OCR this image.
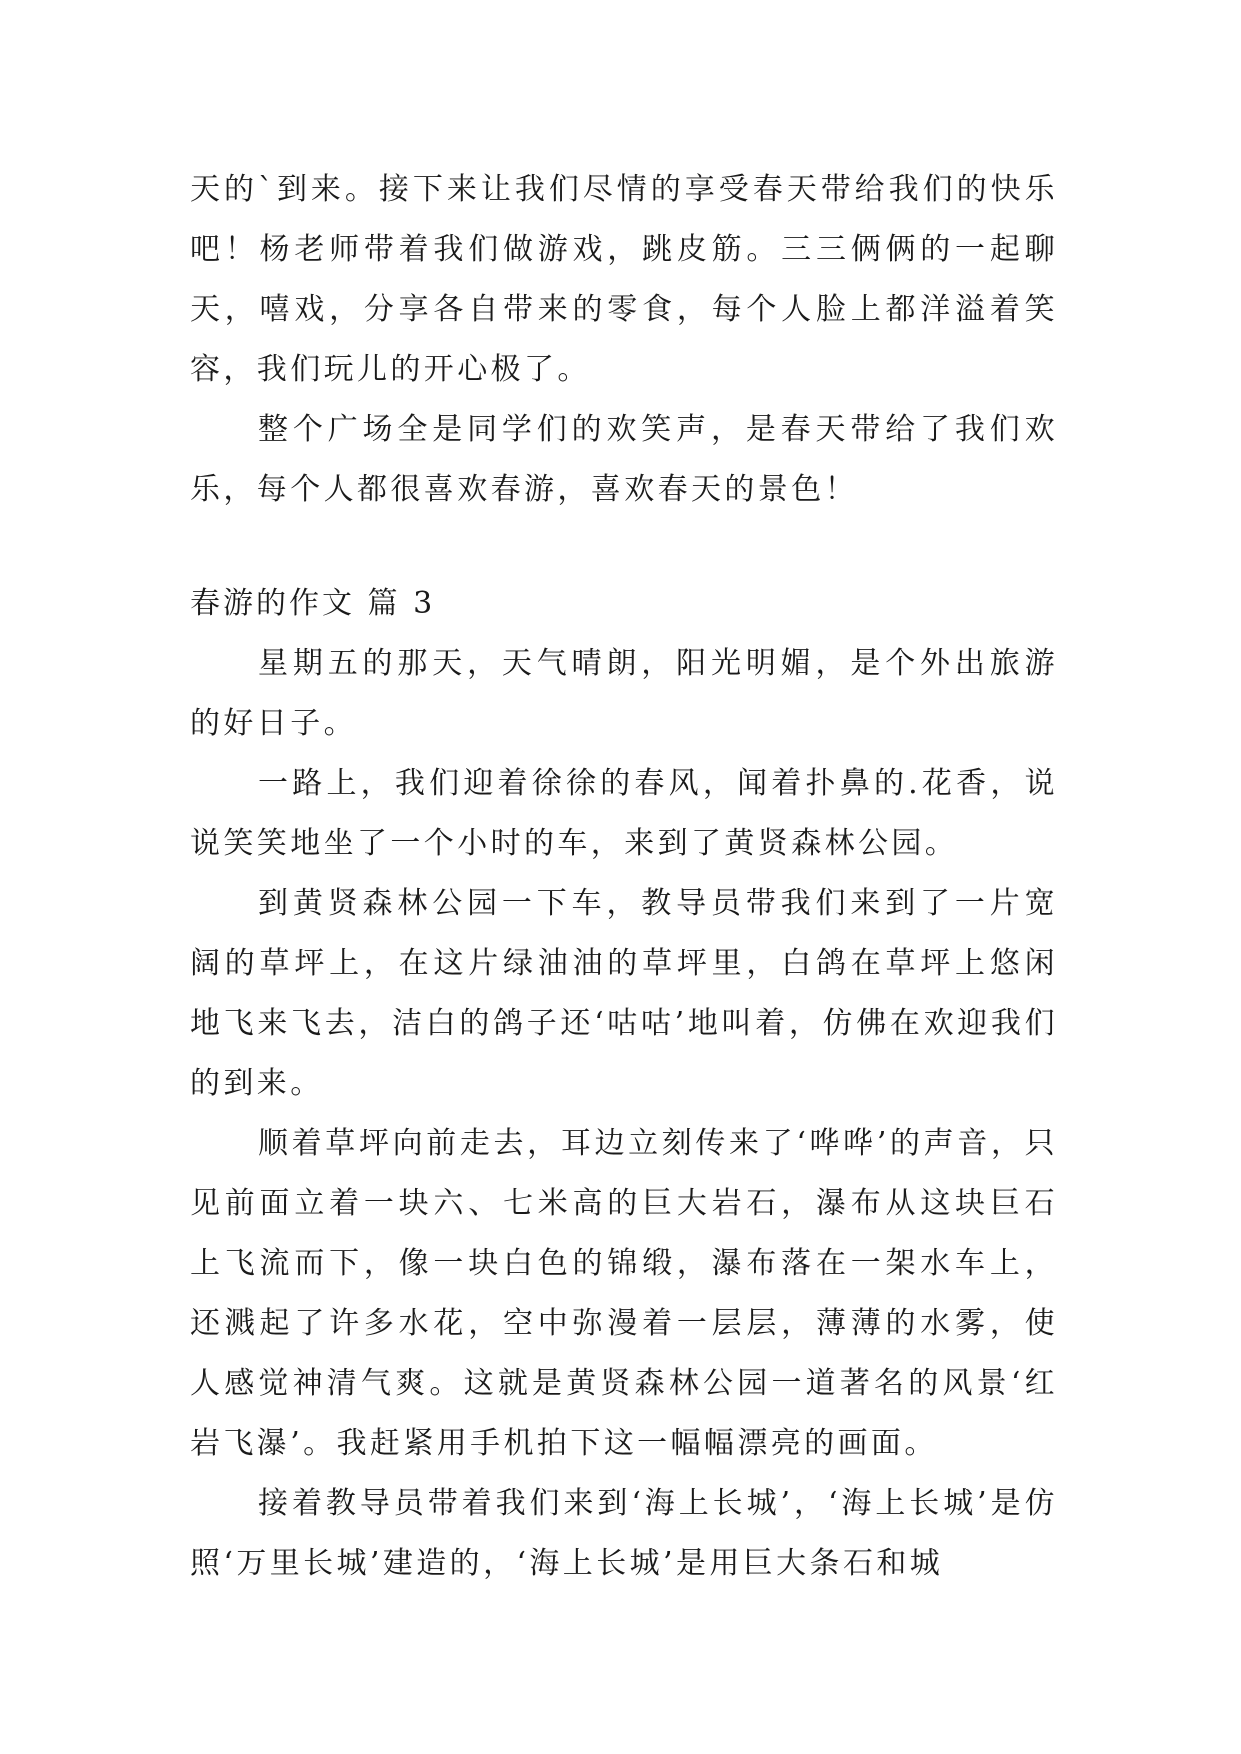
天的`到来。接下来让我们尽情的享受春天带给我们的快乐吧！杨老师带着我们做游戏，跳皮筋。三三俩俩的一起聊天，嘻戏，分享各自带来的零食，每个人脸上都洋溢着笑容，我们玩儿的开心极了。

整个广场全是同学们的欢笑声，是春天带给了我们欢乐，每个人都很喜欢春游，喜欢春天的景色！

春游的作文 篇 3

星期五的那天，天气晴朗，阳光明媚，是个外出旅游的好日子。

一路上，我们迎着徐徐的春风，闻着扑鼻的.花香，说说笑笑地坐了一个小时的车，来到了黄贤森林公园。

到黄贤森林公园一下车，教导员带我们来到了一片宽阔的草坪上，在这片绿油油的草坪里，白鸽在草坪上悠闲地飞来飞去，洁白的鸽子还‘咕咕’地叫着，仿佛在欢迎我们的到来。

顺着草坪向前走去，耳边立刻传来了‘哗哗’的声音，只见前面立着一块六、七米高的巨大岩石，瀑布从这块巨石上飞流而下，像一块白色的锦缎，瀑布落在一架水车上，还溅起了许多水花，空中弥漫着一层层，薄薄的水雾，使人感觉神清气爽。这就是黄贤森林公园一道著名的风景‘红岩飞瀑’。我赶紧用手机拍下这一幅幅漂亮的画面。

接着教导员带着我们来到‘海上长城’，‘海上长城’是仿照‘万里长城’建造的，‘海上长城’是用巨大条石和城
